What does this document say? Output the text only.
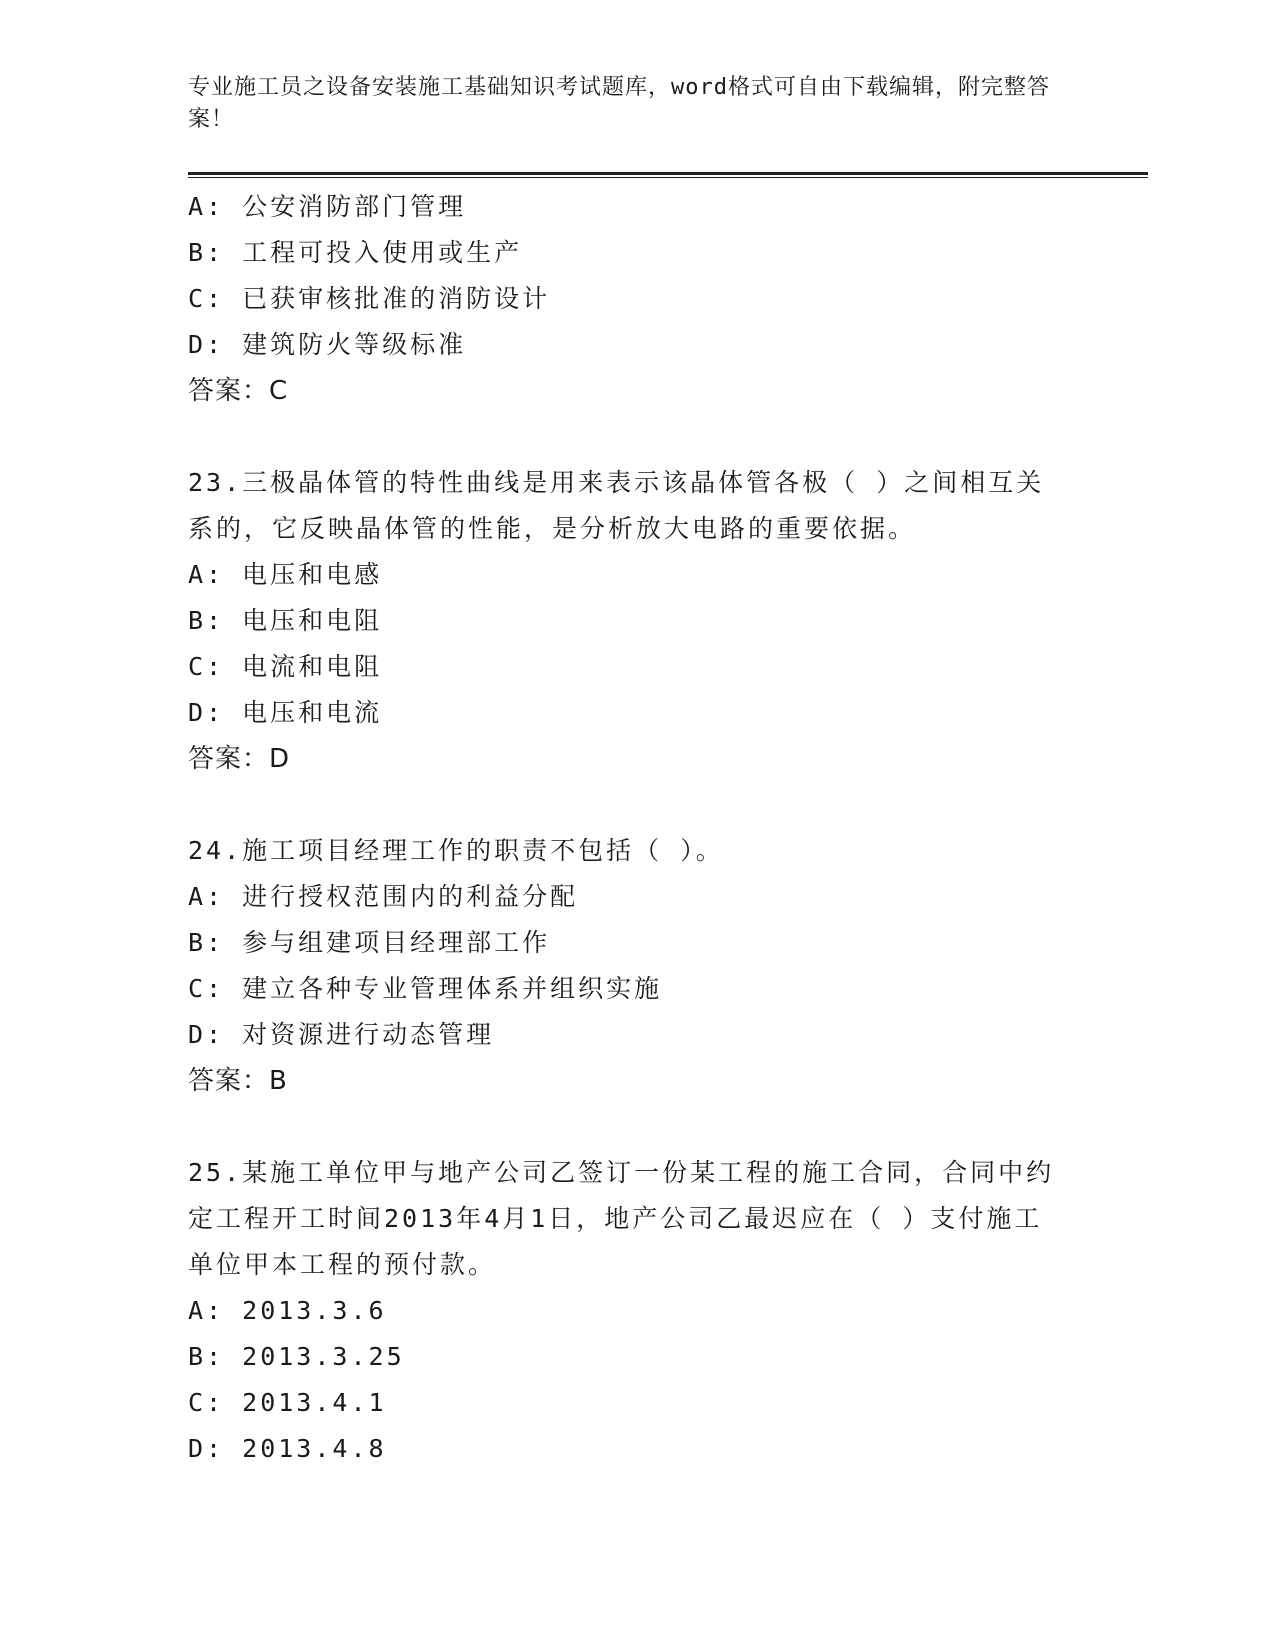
专业施工员之设备安装施工基础知识考试题库，word格式可自由下载编辑，附完整答案！
A: 公安消防部门管理
B: 工程可投入使用或生产
C: 已获审核批准的消防设计
D: 建筑防火等级标准
答案：C
23.三极晶体管的特性曲线是用来表示该晶体管各极（ ）之间相互关系的，它反映晶体管的性能，是分析放大电路的重要依据。
A: 电压和电感
B: 电压和电阻
C: 电流和电阻
D: 电压和电流
答案：D
24.施工项目经理工作的职责不包括（ ）。
A: 进行授权范围内的利益分配
B: 参与组建项目经理部工作
C: 建立各种专业管理体系并组织实施
D: 对资源进行动态管理
答案：B
25.某施工单位甲与地产公司乙签订一份某工程的施工合同，合同中约定工程开工时间2013年4月1日，地产公司乙最迟应在（ ）支付施工单位甲本工程的预付款。
A: 2013.3.6
B: 2013.3.25
C: 2013.4.1
D: 2013.4.8
